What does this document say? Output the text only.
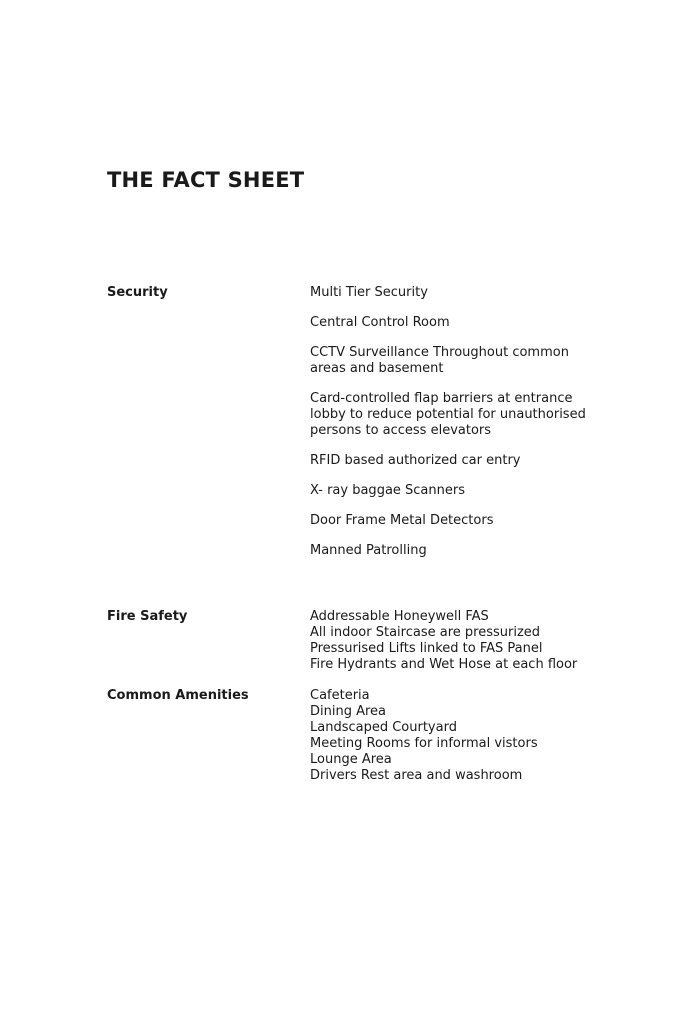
THE FACT SHEET
Security	Multi Tier Security
Central Control Room
CCTV Surveillance Throughout common
areas and basement
Card-controlled flap barriers at entrance
lobby to reduce potential for unauthorised
persons to access elevators
RFID based authorized car entry
X- ray baggae Scanners
Door Frame Metal Detectors
Manned Patrolling
Fire Safety	Addressable Honeywell FAS
All indoor Staircase are pressurized
Pressurised Lifts linked to FAS Panel
Fire Hydrants and Wet Hose at each floor
Common Amenities	Cafeteria
Dining Area
Landscaped Courtyard
Meeting Rooms for informal vistors
Lounge Area
Drivers Rest area and washroom
